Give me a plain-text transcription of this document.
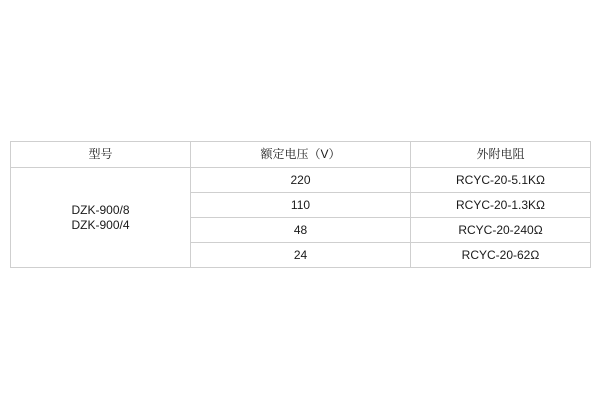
型号	额定电压（V）	外附电阻

DZK-900/8
DZK-900/4	220	RCYC-20-5.1KΩ
	110	RCYC-20-1.3KΩ
	48	RCYC-20-240Ω
	24	RCYC-20-62Ω
